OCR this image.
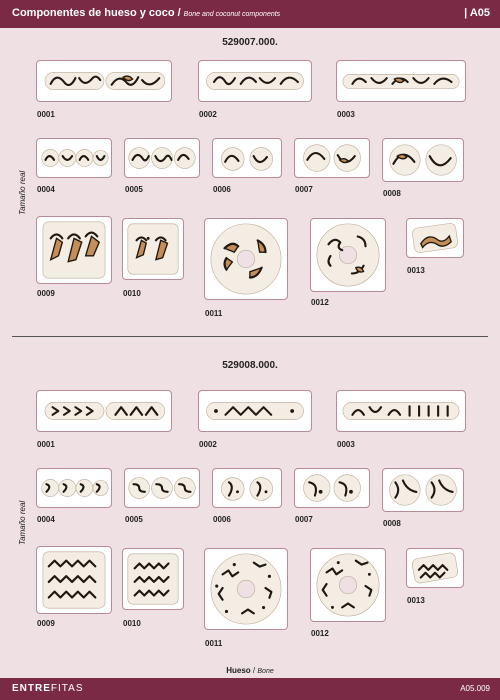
Componentes de hueso y coco / Bone and coconut components	| A05
529007.000.
Tamaño real
0001	0002	0003
0004	0005	0006	0007	0008
0009	0010
0011
0012
0013
529008.000.
Tamaño real
0001	0002	0003
0004	0005	0006	0007	0008
0009	0010
0011
0012
0013
Hueso / Bone
ENTREFITAS	A05.009
